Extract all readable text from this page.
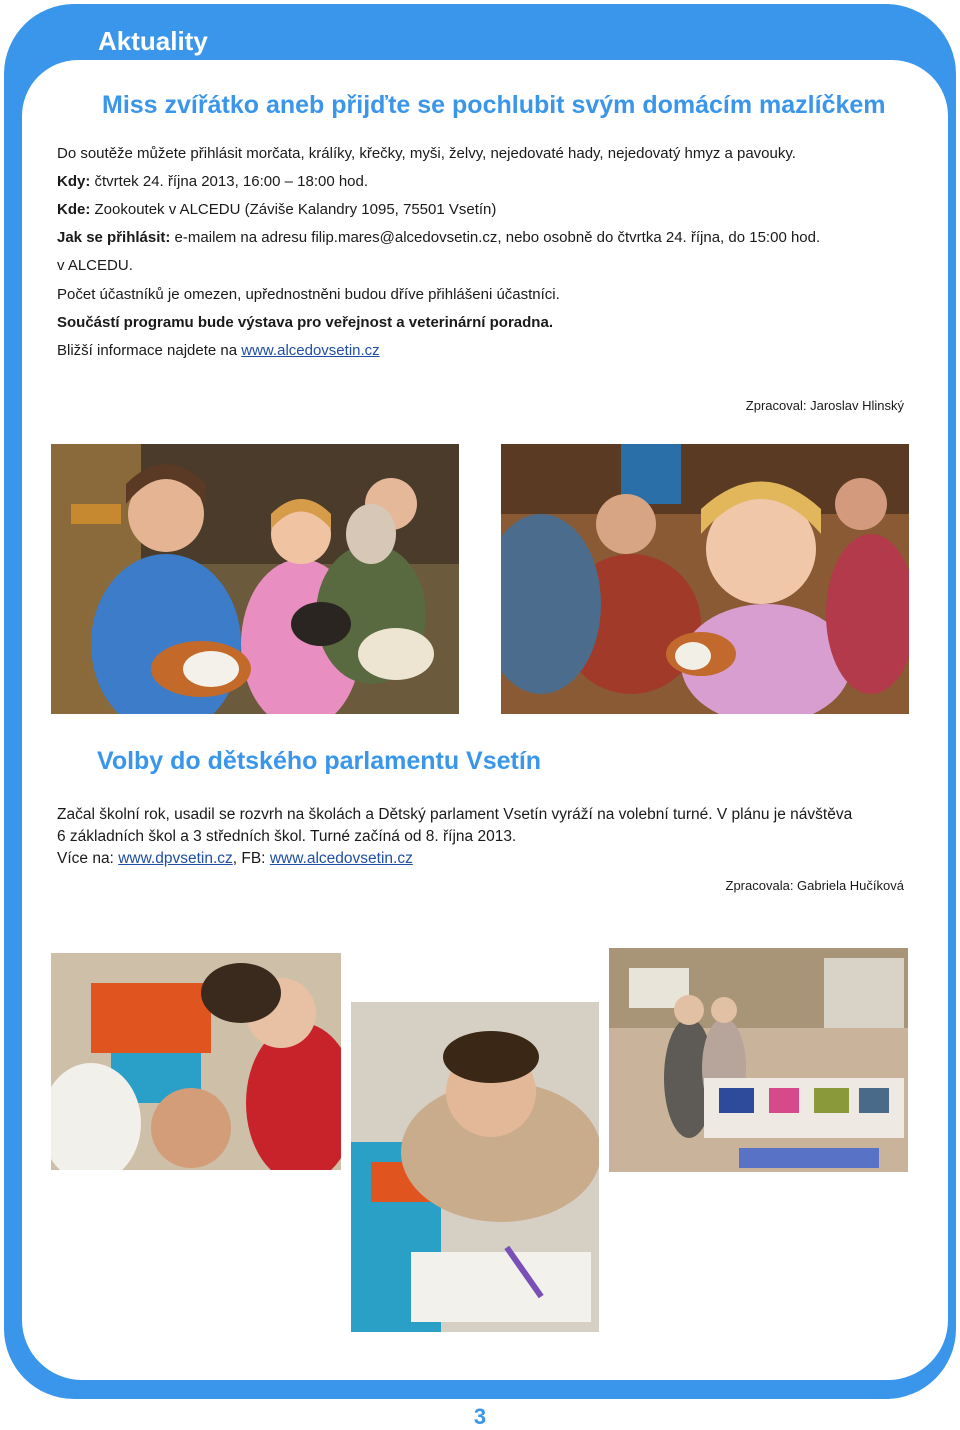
Aktuality
Miss zvířátko aneb přijďte se pochlubit svým domácím mazlíčkem
Do soutěže můžete přihlásit morčata, králíky, křečky, myši, želvy, nejedovaté hady, nejedovatý hmyz a pavouky.
Kdy: čtvrtek 24. října 2013, 16:00 – 18:00 hod.
Kde: Zookoutek v ALCEDU (Záviše Kalandry 1095, 75501 Vsetín)
Jak se přihlásit: e-mailem na adresu filip.mares@alcedovsetin.cz, nebo osobně do čtvrtka 24. října, do 15:00 hod.
v ALCEDU.
Počet účastníků je omezen, upřednostněni budou dříve přihlášeni účastníci.
Součástí programu bude výstava pro veřejnost a veterinární poradna.
Bližší informace najdete na www.alcedovsetin.cz
Zpracoval: Jaroslav Hlinský
Volby do dětského parlamentu Vsetín
Začal školní rok, usadil se rozvrh na školách a Dětský parlament Vsetín vyráží na volební turné. V plánu je návštěva
6 základních škol a 3 středních škol. Turné začíná od 8. října 2013.
Více na: www.dpvsetin.cz, FB: www.alcedovsetin.cz
Zpracovala: Gabriela Hučíková
3
